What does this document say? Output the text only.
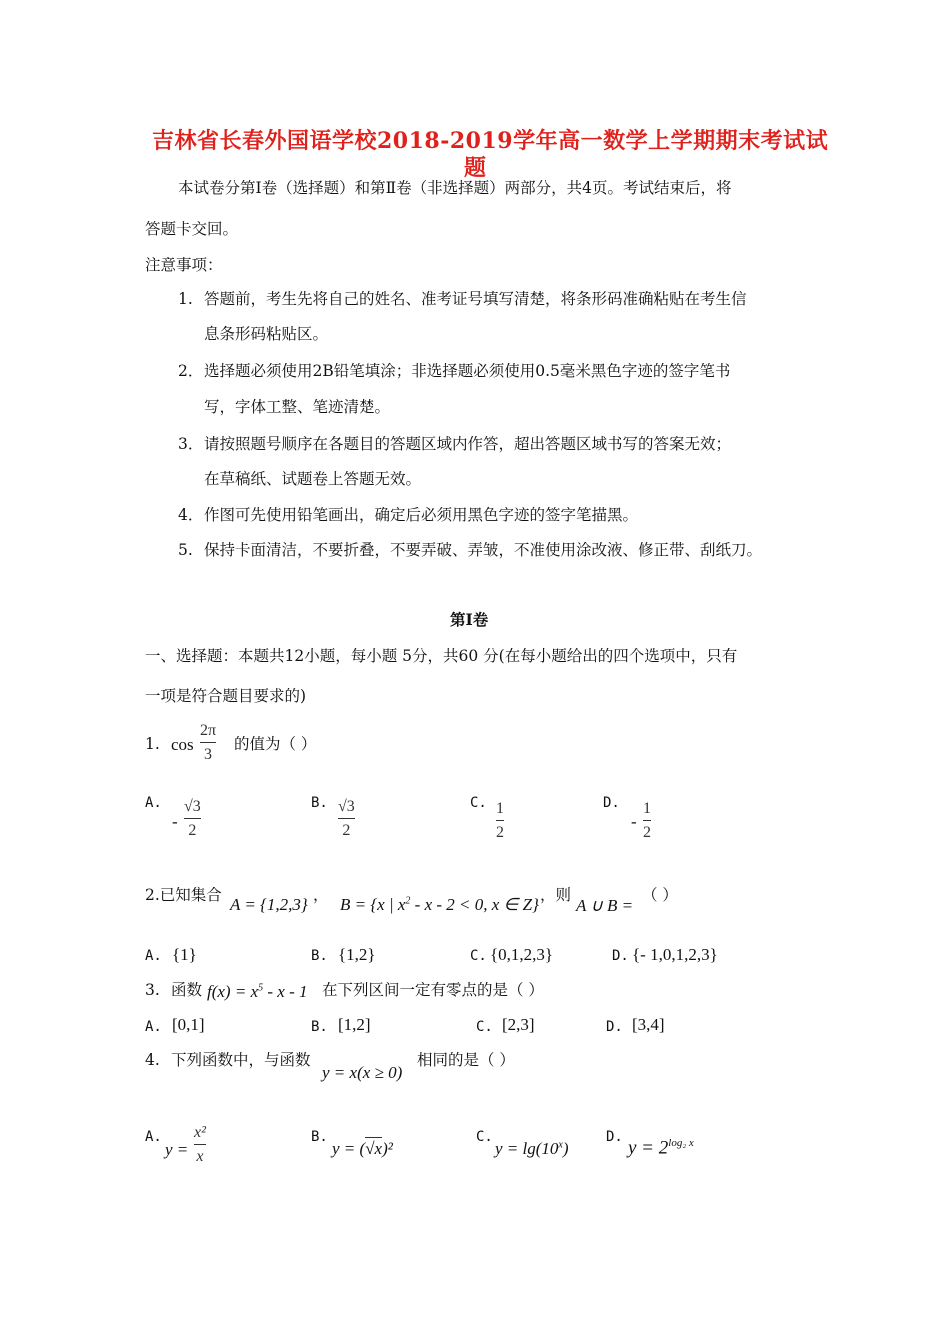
吉林省长春外国语学校2018-2019学年高一数学上学期期末考试试
题
本试卷分第Ⅰ卷（选择题）和第Ⅱ卷（非选择题）两部分，共4页。考试结束后，将
答题卡交回。
注意事项：
1. 答题前，考生先将自己的姓名、准考证号填写清楚，将条形码准确粘贴在考生信
息条形码粘贴区。
2． 选择题必须使用2B铅笔填涂；非选择题必须使用0.5毫米黑色字迹的签字笔书
写，字体工整、笔迹清楚。
3． 请按照题号顺序在各题目的答题区域内作答，超出答题区域书写的答案无效；
在草稿纸、试题卷上答题无效。
4． 作图可先使用铅笔画出，确定后必须用黑色字迹的签字笔描黑。
5. 保持卡面清洁，不要折叠，不要弄破、弄皱，不准使用涂改液、修正带、刮纸刀。
第Ⅰ卷
一、选择题：本题共12小题，每小题 5分，共60 分(在每小题给出的四个选项中，只有
一项是符合题目要求的)
1. cos
2π
3
的值为（ ）
A.
-
√3
2
B. √3
2
C. 1
2
D.
-
1
2
2.已知集合 A = {1,2,3} ， B = {x | $x^2 - x - 2 < 0$, x ∈ Z} ，则
A ∪ B =
（ ）
A. {1}	B. {1,2}	C. {0,1,2,3}	D. {- 1,0,1,2,3}
3. 函数 $f(x) = x^5 - x - 1$ 在下列区间一定有零点的是（ ）
A. [0,1]	B. [1,2]	C. [2,3]	D. [3,4]
4. 下列函数中，与函数
y = x(x ≥ 0)
相同的是（ ）
A.
y =
x²
x
B.
y = (√x)²
C.
$y = \lg(10^x)$
D.
$y = 2^{log_2 x}$
